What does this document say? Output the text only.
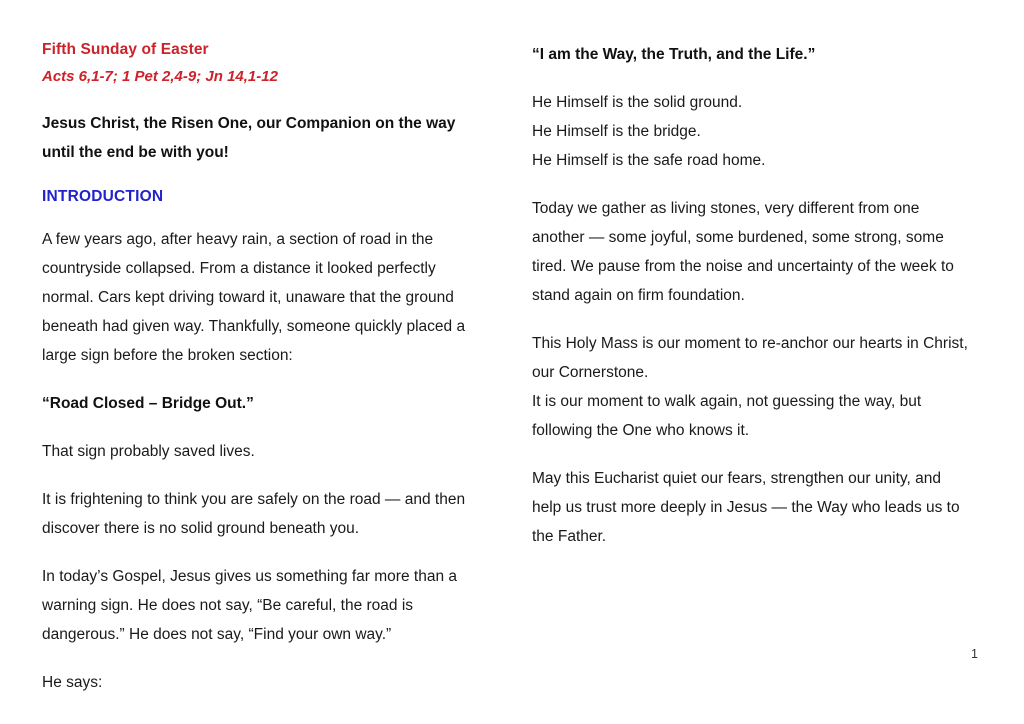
Fifth Sunday of Easter
Acts 6,1-7; 1 Pet 2,4-9; Jn 14,1-12
Jesus Christ, the Risen One, our Companion on the way until the end be with you!
INTRODUCTION

A few years ago, after heavy rain, a section of road in the countryside collapsed. From a distance it looked perfectly normal. Cars kept driving toward it, unaware that the ground beneath had given way. Thankfully, someone quickly placed a large sign before the broken section:

“Road Closed – Bridge Out.”

That sign probably saved lives.

It is frightening to think you are safely on the road — and then discover there is no solid ground beneath you.

In today’s Gospel, Jesus gives us something far more than a warning sign. He does not say, “Be careful, the road is dangerous.” He does not say, “Find your own way.”

He says:

“I am the Way, the Truth, and the Life.”

He Himself is the solid ground.
He Himself is the bridge.
He Himself is the safe road home.

Today we gather as living stones, very different from one another — some joyful, some burdened, some strong, some tired. We pause from the noise and uncertainty of the week to stand again on firm foundation.

This Holy Mass is our moment to re-anchor our hearts in Christ, our Cornerstone.
It is our moment to walk again, not guessing the way, but following the One who knows it.

May this Eucharist quiet our fears, strengthen our unity, and help us trust more deeply in Jesus — the Way who leads us to the Father.

1
